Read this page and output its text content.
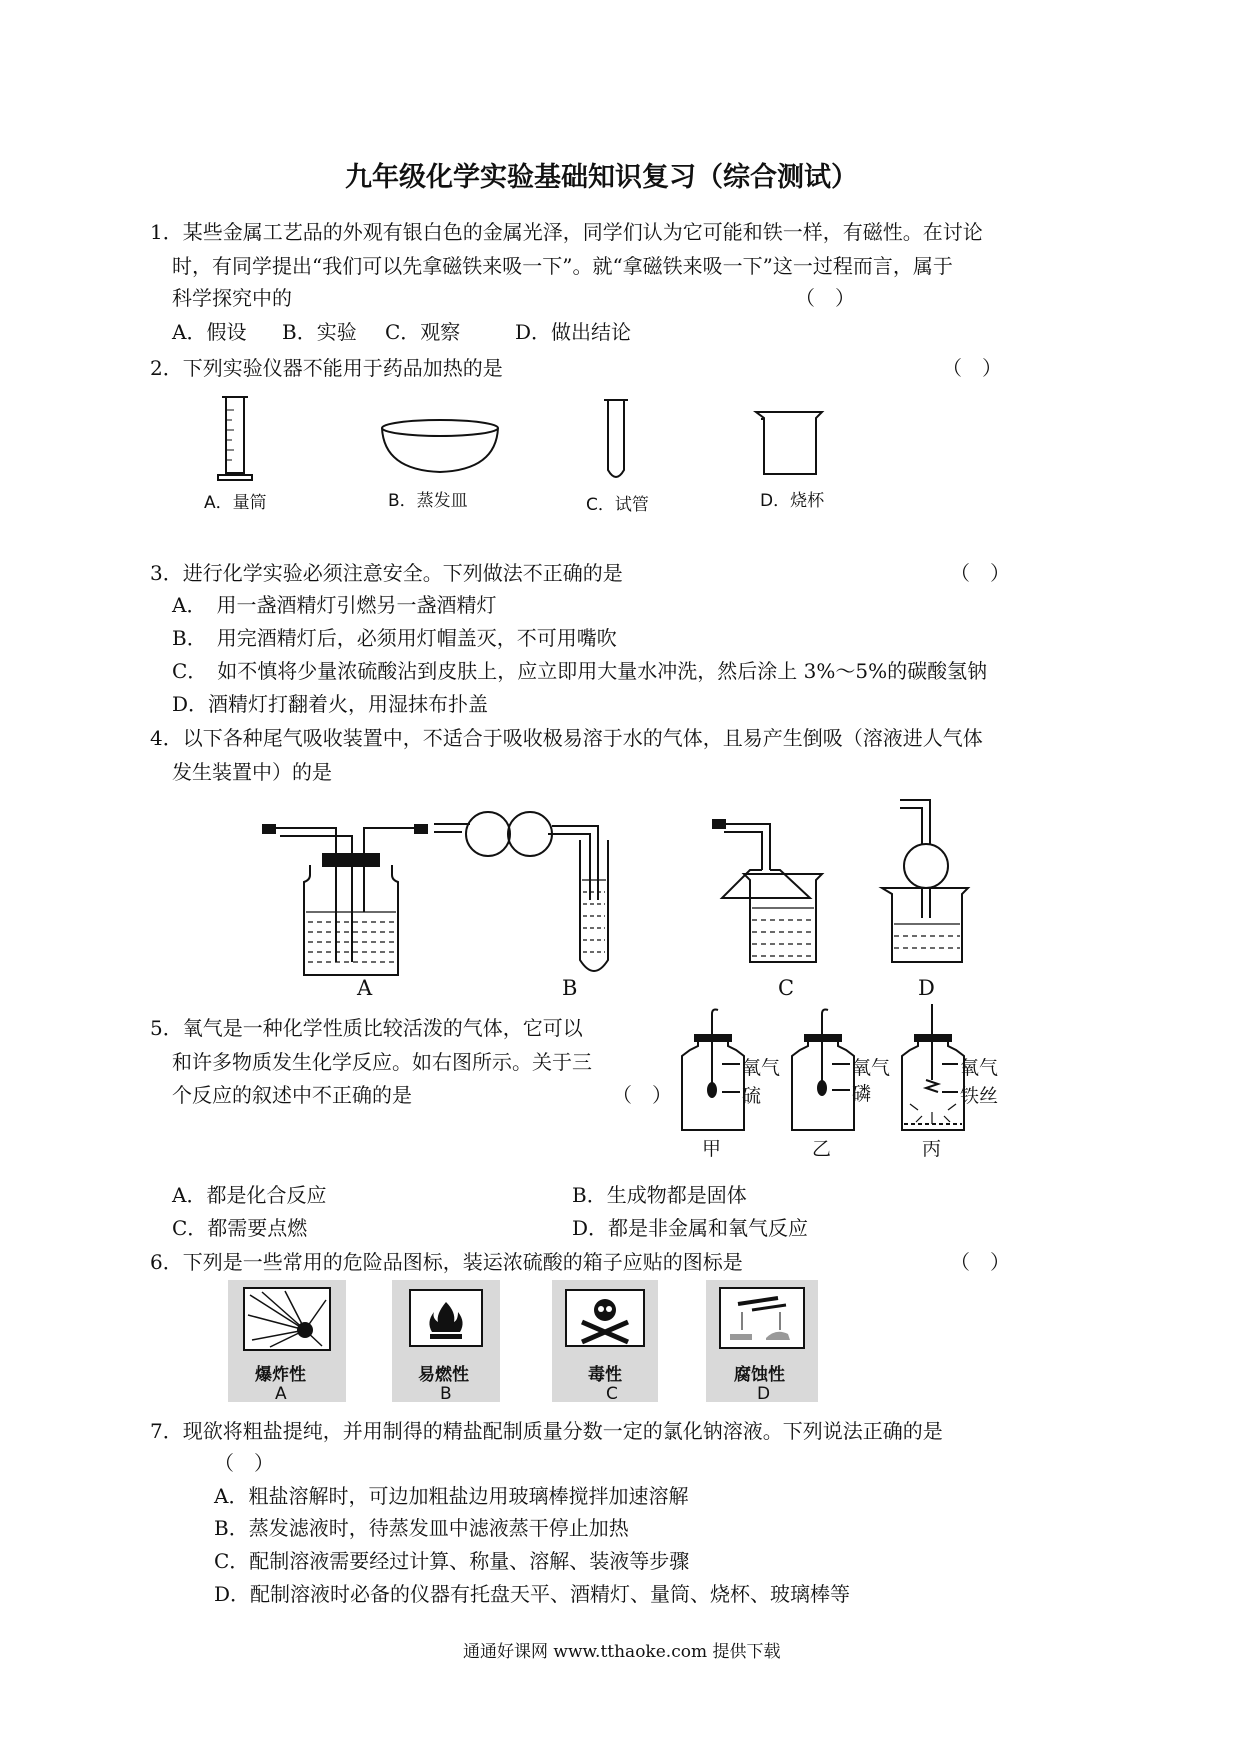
九年级化学实验基础知识复习（综合测试）
1．某些金属工艺品的外观有银白色的金属光泽，同学们认为它可能和铁一样，有磁性。在讨论
时，有同学提出“我们可以先拿磁铁来吸一下”。就“拿磁铁来吸一下”这一过程而言，属于
科学探究中的	（　）
A．假设 B．实验 C．观察	D．做出结论
2．下列实验仪器不能用于药品加热的是	（　）
A．量筒	B．蒸发皿	C．试管	D．烧杯
3．进行化学实验必须注意安全。下列做法不正确的是	（　）
A．　用一盏酒精灯引燃另一盏酒精灯
B．　用完酒精灯后，必须用灯帽盖灭，不可用嘴吹
C．　如不慎将少量浓硫酸沾到皮肤上，应立即用大量水冲洗，然后涂上 3%～5%的碳酸氢钠
D．酒精灯打翻着火，用湿抹布扑盖
4．以下各种尾气吸收装置中，不适合于吸收极易溶于水的气体，且易产生倒吸（溶液进人气体
发生装置中）的是
A	B	C	D
5．氧气是一种化学性质比较活泼的气体，它可以
和许多物质发生化学反应。如右图所示。关于三
个反应的叙述中不正确的是	（　）
氧气
硫
氧气
磷
氧气
铁丝
甲	乙	丙
A．都是化合反应	B．生成物都是固体
C．都需要点燃	D．都是非金属和氧气反应
6．下列是一些常用的危险品图标，装运浓硫酸的箱子应贴的图标是	（　）
爆炸性	易燃性	毒性	腐蚀性
A	B	C	D
7．现欲将粗盐提纯，并用制得的精盐配制质量分数一定的氯化钠溶液。下列说法正确的是
（　）
A．粗盐溶解时，可边加粗盐边用玻璃棒搅拌加速溶解
B．蒸发滤液时，待蒸发皿中滤液蒸干停止加热
C．配制溶液需要经过计算、称量、溶解、装液等步骤
D．配制溶液时必备的仪器有托盘天平、酒精灯、量筒、烧杯、玻璃棒等
通通好课网 www.tthaoke.com 提供下载
